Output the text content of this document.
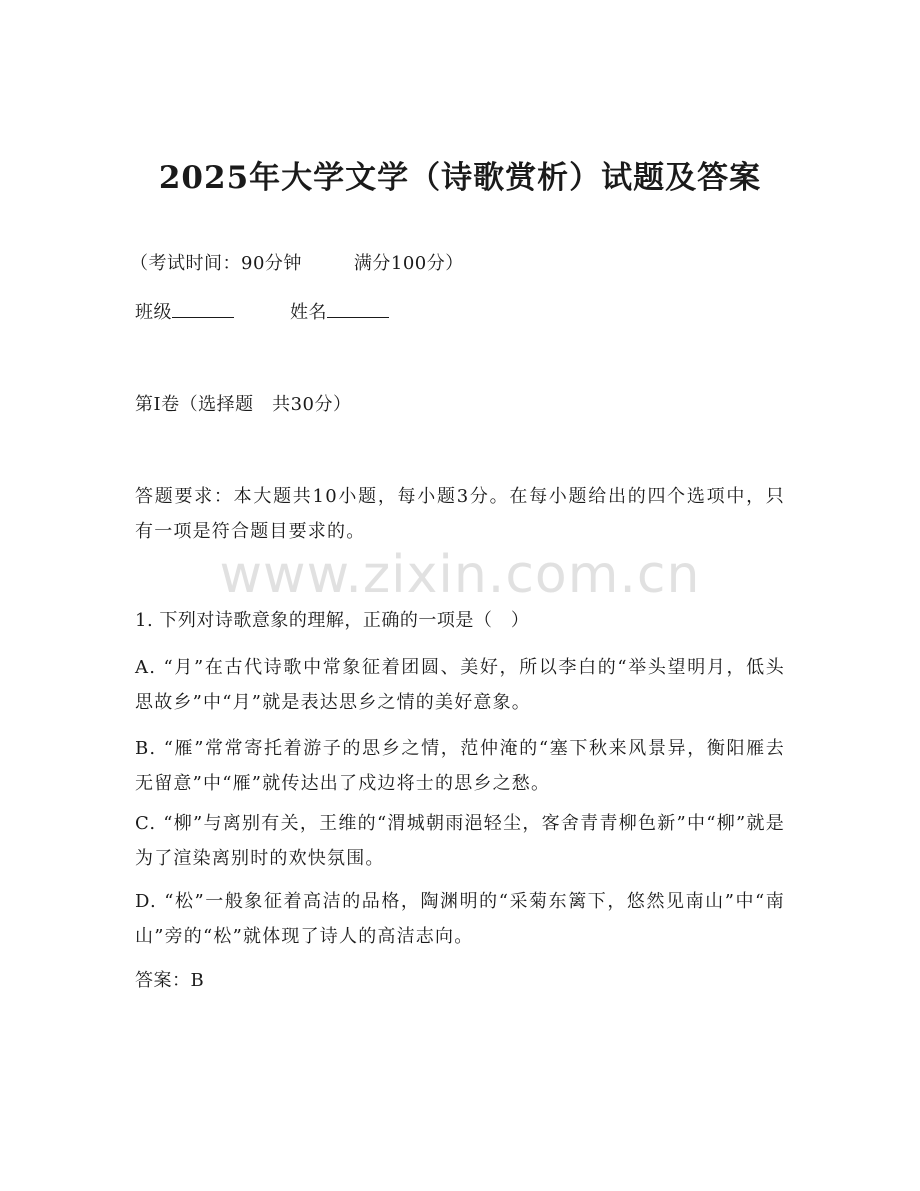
2025年大学文学（诗歌赏析）试题及答案
（考试时间：90分钟	满分100分）
班级	姓名
第Ⅰ卷（选择题　共30分）
答题要求：本大题共10小题，每小题3分。在每小题给出的四个选项中，只有一项是符合题目要求的。
www.zixin.com.cn
1. 下列对诗歌意象的理解，正确的一项是（　）
A. “月”在古代诗歌中常象征着团圆、美好，所以李白的“举头望明月，低头思故乡”中“月”就是表达思乡之情的美好意象。
B. “雁”常常寄托着游子的思乡之情，范仲淹的“塞下秋来风景异，衡阳雁去无留意”中“雁”就传达出了戍边将士的思乡之愁。
C. “柳”与离别有关，王维的“渭城朝雨浥轻尘，客舍青青柳色新”中“柳”就是为了渲染离别时的欢快氛围。
D. “松”一般象征着高洁的品格，陶渊明的“采菊东篱下，悠然见南山”中“南山”旁的“松”就体现了诗人的高洁志向。
答案：B
